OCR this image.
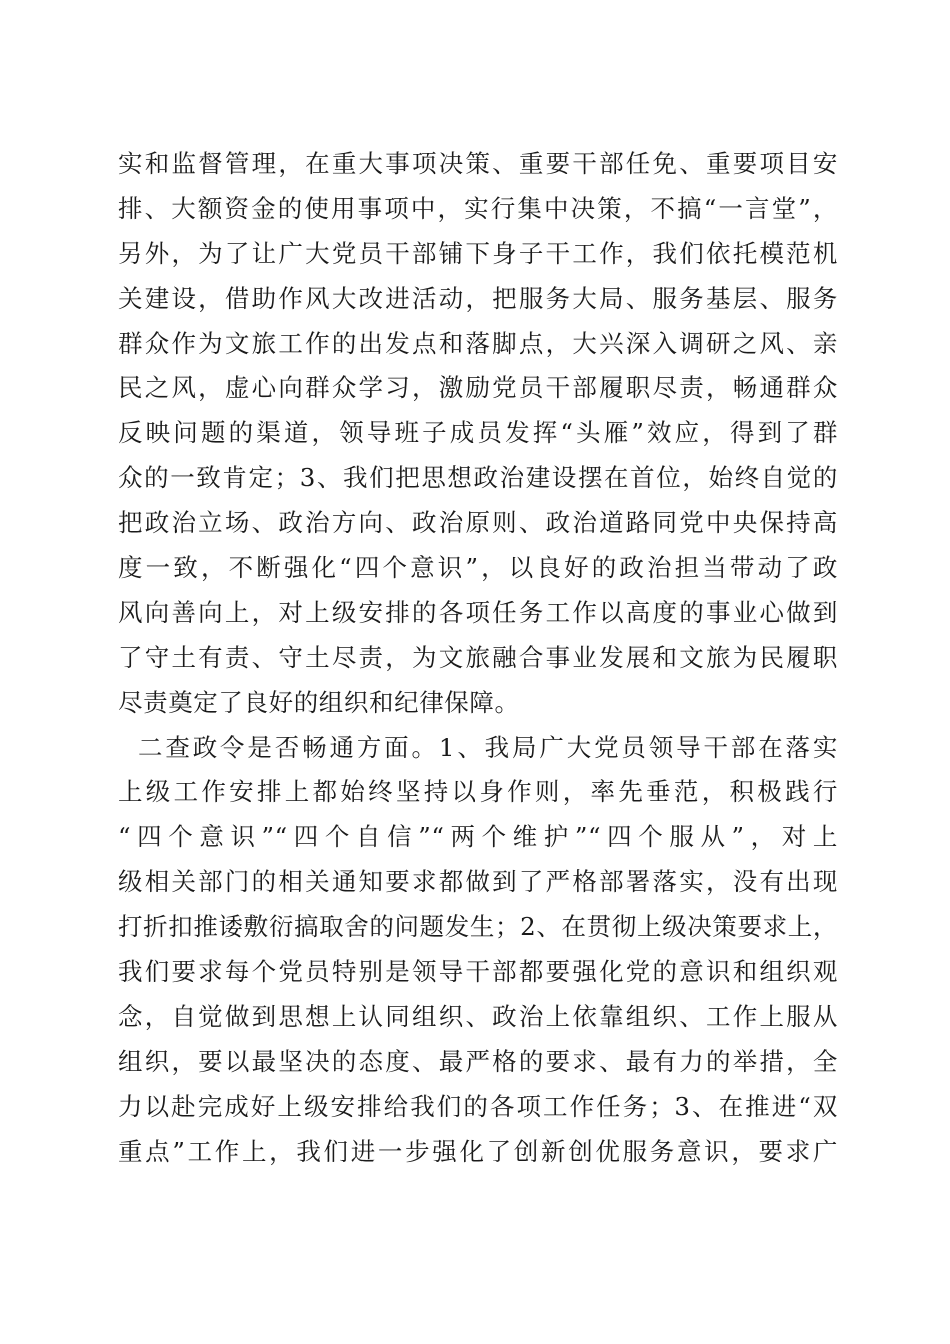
实和监督管理，在重大事项决策、重要干部任免、重要项目安
排、大额资金的使用事项中，实行集中决策，不搞“一言堂”，
另外，为了让广大党员干部铺下身子干工作，我们依托模范机
关建设，借助作风大改进活动，把服务大局、服务基层、服务
群众作为文旅工作的出发点和落脚点，大兴深入调研之风、亲
民之风，虚心向群众学习，激励党员干部履职尽责，畅通群众
反映问题的渠道，领导班子成员发挥“头雁”效应，得到了群
众的一致肯定；3、我们把思想政治建设摆在首位，始终自觉的
把政治立场、政治方向、政治原则、政治道路同党中央保持高
度一致，不断强化“四个意识”，以良好的政治担当带动了政
风向善向上，对上级安排的各项任务工作以高度的事业心做到
了守土有责、守土尽责，为文旅融合事业发展和文旅为民履职
尽责奠定了良好的组织和纪律保障。
二查政令是否畅通方面。1、我局广大党员领导干部在落实
上级工作安排上都始终坚持以身作则，率先垂范，积极践行
“四个意识”“四个自信”“两个维护”“四个服从”，对上
级相关部门的相关通知要求都做到了严格部署落实，没有出现
打折扣推诿敷衍搞取舍的问题发生；2、在贯彻上级决策要求上，
我们要求每个党员特别是领导干部都要强化党的意识和组织观
念，自觉做到思想上认同组织、政治上依靠组织、工作上服从
组织，要以最坚决的态度、最严格的要求、最有力的举措，全
力以赴完成好上级安排给我们的各项工作任务；3、在推进“双
重点”工作上，我们进一步强化了创新创优服务意识，要求广
